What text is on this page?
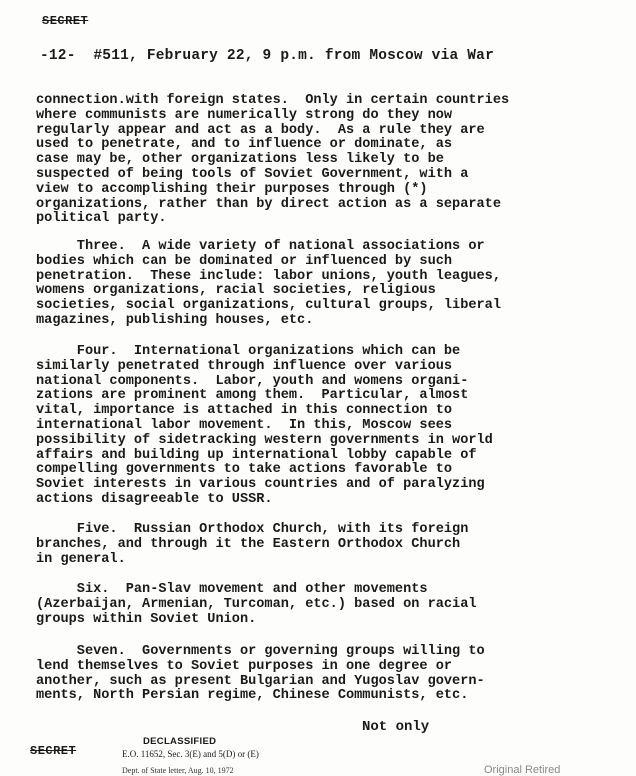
SECRET
-12-  #511, February 22, 9 p.m. from Moscow via War
connection.with foreign states.  Only in certain countries
where communists are numerically strong do they now
regularly appear and act as a body.  As a rule they are
used to penetrate, and to influence or dominate, as
case may be, other organizations less likely to be
suspected of being tools of Soviet Government, with a
view to accomplishing their purposes through (*)
organizations, rather than by direct action as a separate
political party.
Three.  A wide variety of national associations or
bodies which can be dominated or influenced by such
penetration.  These include: labor unions, youth leagues,
womens organizations, racial societies, religious
societies, social organizations, cultural groups, liberal
magazines, publishing houses, etc.
Four.  International organizations which can be
similarly penetrated through influence over various
national components.  Labor, youth and womens organi-
zations are prominent among them.  Particular, almost
vital, importance is attached in this connection to
international labor movement.  In this, Moscow sees
possibility of sidetracking western governments in world
affairs and building up international lobby capable of
compelling governments to take actions favorable to
Soviet interests in various countries and of paralyzing
actions disagreeable to USSR.
Five.  Russian Orthodox Church, with its foreign
branches, and through it the Eastern Orthodox Church
in general.
Six.  Pan-Slav movement and other movements
(Azerbaijan, Armenian, Turcoman, etc.) based on racial
groups within Soviet Union.
Seven.  Governments or governing groups willing to
lend themselves to Soviet purposes in one degree or
another, such as present Bulgarian and Yugoslav govern-
ments, North Persian regime, Chinese Communists, etc.
Not only
SECRET
DECLASSIFIED
E.O. 11652, Sec. 3(E) and 5(D) or (E)
Dept. of State letter, Aug. 10, 1972	Original Retired
